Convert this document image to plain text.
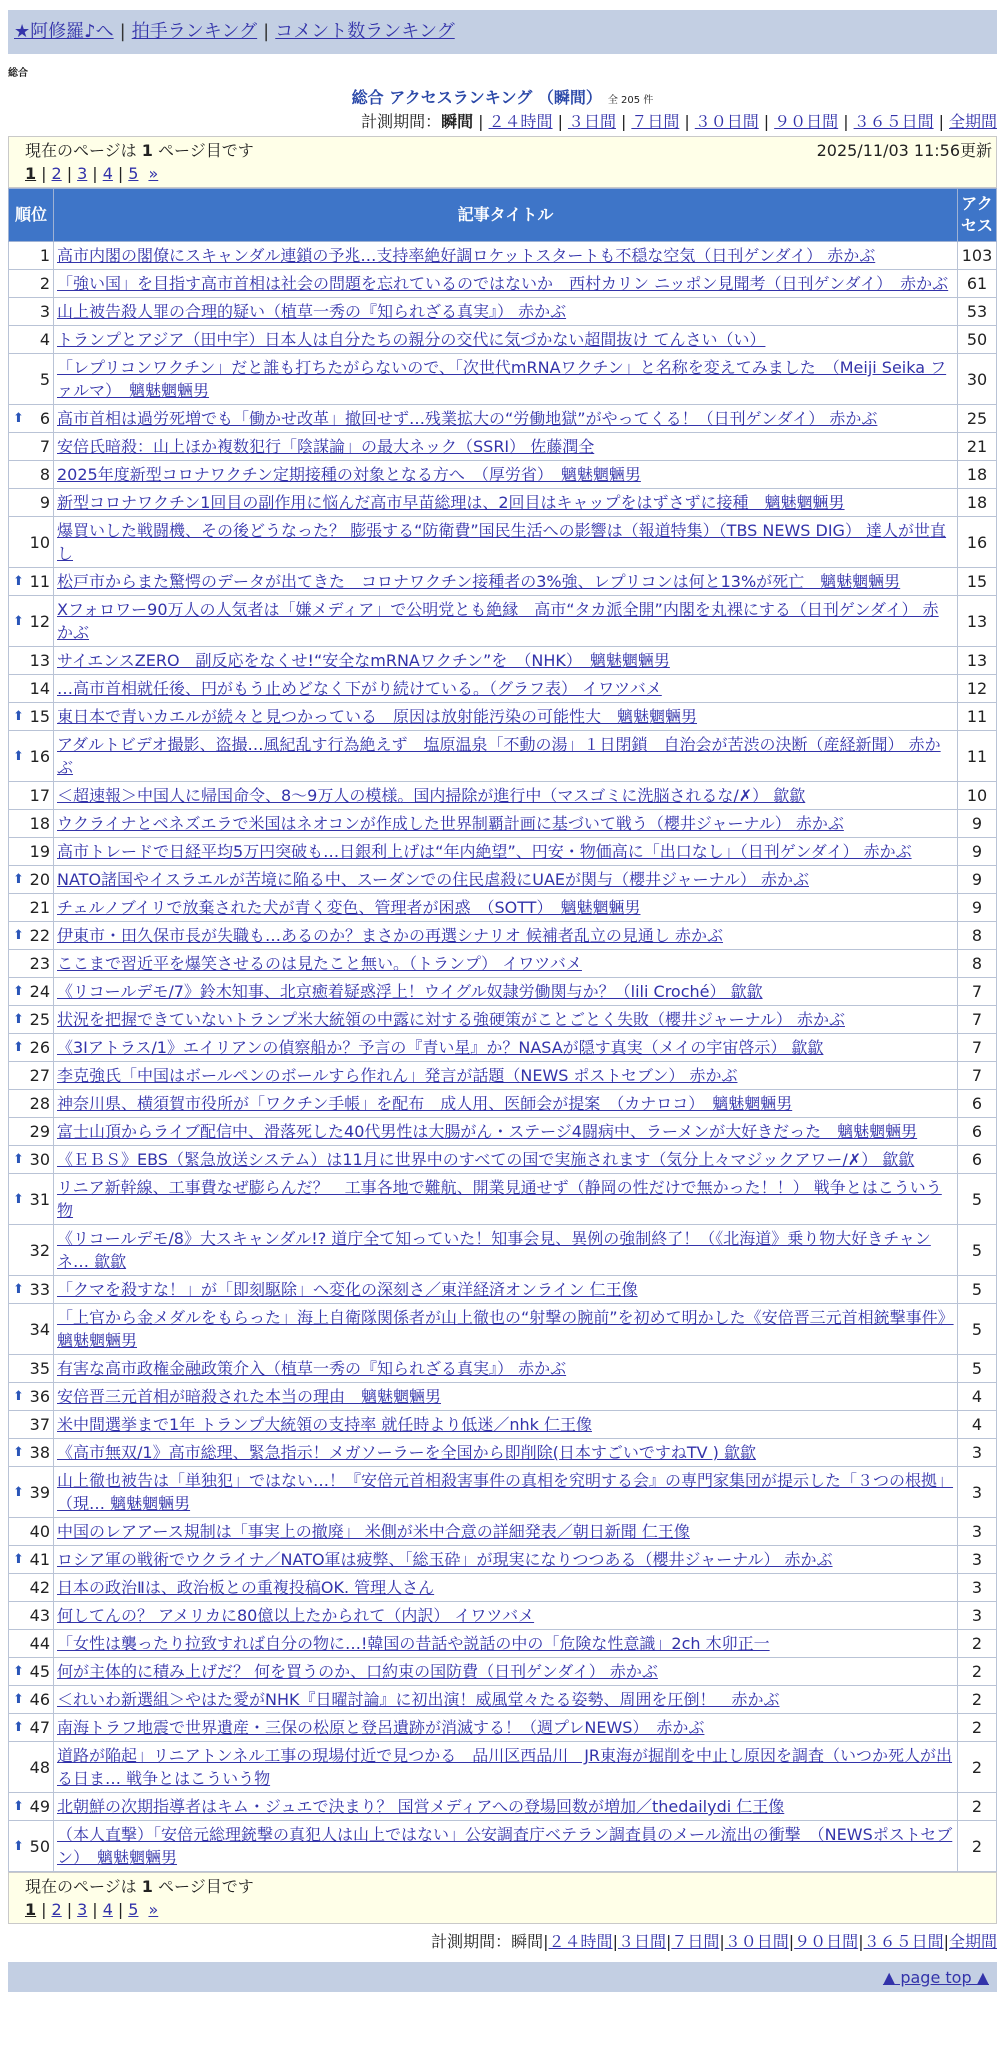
★阿修羅♪へ | 拍手ランキング | コメント数ランキング
総合
総合 アクセスランキング （瞬間） 全 205 件
計測期間：瞬間 | ２４時間 | ３日間 | ７日間 | ３０日間 | ９０日間 | ３６５日間 | 全期間
現在のページは 1 ページ目です	2025/11/03 11:56更新
1 | 2 | 3 | 4 | 5 »
順位	記事タイトル	アクセス
1	高市内閣の閣僚にスキャンダル連鎖の予兆…支持率絶好調ロケットスタートも不穏な空気（日刊ゲンダイ） 赤かぶ	103
2	「強い国」を目指す高市首相は社会の問題を忘れているのではないか　西村カリン ニッポン見聞考（日刊ゲンダイ）　赤かぶ	61
3	山上被告殺人罪の合理的疑い（植草一秀の『知られざる真実』） 赤かぶ	53
4	トランプとアジア（田中宇）日本人は自分たちの親分の交代に気づかない超間抜け てんさい（い）	50
5	「レプリコンワクチン」だと誰も打ちたがらないので、「次世代mRNAワクチン」と名称を変えてみました　（Meiji Seika ファルマ）　魑魅魍魎男	30

⬆ 6	高市首相は過労死増でも「働かせ改革」撤回せず…残業拡大の“労働地獄”がやってくる！（日刊ゲンダイ） 赤かぶ	25
7	安倍氏暗殺：山上ほか複数犯行「陰謀論」の最大ネック（SSRI） 佐藤潤全	21
8	2025年度新型コロナワクチン定期接種の対象となる方へ　（厚労省）　魑魅魍魎男	18
9	新型コロナワクチン1回目の副作用に悩んだ高市早苗総理は、2回目はキャップをはずさずに接種　魑魅魍魎男	18
10	爆買いした戦闘機、その後どうなった？ 膨張する“防衛費”国民生活への影響は（報道特集）（TBS NEWS DIG） 達人が世直し	16

⬆ 11	松戸市からまた驚愕のデータが出てきた　コロナワクチン接種者の3%強、レプリコンは何と13%が死亡　魑魅魍魎男	15

⬆ 12	Xフォロワー90万人の人気者は「嫌メディア」で公明党とも絶縁　高市“タカ派全開”内閣を丸裸にする（日刊ゲンダイ） 赤かぶ	13
13	サイエンスZERO　副反応をなくせ!“安全なmRNAワクチン”を　（NHK）　魑魅魍魎男	13
14	…高市首相就任後、円がもう止めどなく下がり続けている。（グラフ表） イワツバメ	12

⬆ 15	東日本で青いカエルが続々と見つかっている　原因は放射能汚染の可能性大　魑魅魍魎男	11

⬆ 16	アダルトビデオ撮影、盗撮…風紀乱す行為絶えず　塩原温泉「不動の湯」１日閉鎖　自治会が苦渋の決断（産経新聞） 赤かぶ	11
17	＜超速報＞中国人に帰国命令、8～9万人の模様。国内掃除が進行中（マスゴミに洗脳されるな/✗） 歙歙	10
18	ウクライナとベネズエラで米国はネオコンが作成した世界制覇計画に基づいて戦う（櫻井ジャーナル） 赤かぶ	9
19	高市トレードで日経平均5万円突破も…日銀利上げは“年内絶望”、円安・物価高に「出口なし」（日刊ゲンダイ） 赤かぶ	9

⬆ 20	NATO諸国やイスラエルが苦境に陥る中、スーダンでの住民虐殺にUAEが関与（櫻井ジャーナル） 赤かぶ	9
21	チェルノブイリで放棄された犬が青く変色、管理者が困惑　（SOTT）　魑魅魍魎男	9

⬆ 22	伊東市・田久保市長が失職も…あるのか？まさかの再選シナリオ 候補者乱立の見通し 赤かぶ	8
23	ここまで習近平を爆笑させるのは見たこと無い。（トランプ） イワツバメ	8

⬆ 24	《リコールデモ/7》鈴木知事、北京癒着疑惑浮上！ウイグル奴隷労働関与か？（lili Croché） 歙歙	7

⬆ 25	状況を把握できていないトランプ米大統領の中露に対する強硬策がことごとく失敗（櫻井ジャーナル） 赤かぶ	7

⬆ 26	《3Iアトラス/1》エイリアンの偵察船か？予言の『青い星』か？NASAが隠す真実（メイの宇宙啓示） 歙歙	7
27	李克強氏「中国はボールペンのボールすら作れん」発言が話題（NEWS ポストセブン） 赤かぶ	7
28	神奈川県、横須賀市役所が「ワクチン手帳」を配布　成人用、医師会が提案　（カナロコ）　魑魅魍魎男	6
29	富士山頂からライブ配信中、滑落死した40代男性は大腸がん・ステージ4闘病中、ラーメンが大好きだった　魑魅魍魎男	6

⬆ 30	《ＥＢＳ》EBS（緊急放送システム）は11月に世界中のすべての国で実施されます（気分上々マジックアワー/✗） 歙歙	6

⬆ 31	リニア新幹線、工事費なぜ膨らんだ？　工事各地で難航、開業見通せず（静岡の性だけで無かった！！） 戦争とはこういう物	5
32	《リコールデモ/8》大スキャンダル!? 道庁全て知っていた！知事会見、異例の強制終了！（《北海道》乗り物大好きチャンネ… 歙歙	5

⬆ 33	「クマを殺すな！」が「即刻駆除」へ変化の深刻さ／東洋経済オンライン 仁王像	5
34	「上官から金メダルをもらった」海上自衛隊関係者が山上徹也の“射撃の腕前”を初めて明かした《安倍晋三元首相銃撃事件》魑魅魍魎男	5
35	有害な高市政権金融政策介入（植草一秀の『知られざる真実』） 赤かぶ	5

⬆ 36	安倍晋三元首相が暗殺された本当の理由　魑魅魍魎男	4
37	米中間選挙まで1年 トランプ大統領の支持率 就任時より低迷／nhk 仁王像	4

⬆ 38	《高市無双/1》高市総理、緊急指示！メガソーラーを全国から即削除(日本すごいですねTV ) 歙歙	3

⬆ 39	山上徹也被告は「単独犯」ではない…！『安倍元首相殺害事件の真相を究明する会』の専門家集団が提示した「３つの根拠」（現… 魑魅魍魎男	3
40	中国のレアアース規制は「事実上の撤廃」 米側が米中合意の詳細発表／朝日新聞 仁王像	3

⬆ 41	ロシア軍の戦術でウクライナ／NATO軍は疲弊、「総玉砕」が現実になりつつある（櫻井ジャーナル） 赤かぶ	3
42	日本の政治Ⅱは、政治板との重複投稿OK. 管理人さん	3
43	何してんの？ アメリカに80億以上たかられて（内訳） イワツバメ	3
44	「女性は襲ったり拉致すれば自分の物に…!韓国の昔話や説話の中の「危険な性意識」2ch 木卯正一	2

⬆ 45	何が主体的に積み上げだ？ 何を買うのか、口約束の国防費（日刊ゲンダイ） 赤かぶ	2

⬆ 46	＜れいわ新選組＞やはた愛がNHK『日曜討論』に初出演！威風堂々たる姿勢、周囲を圧倒！　赤かぶ	2

⬆ 47	南海トラフ地震で世界遺産・三保の松原と登呂遺跡が消滅する！（週プレNEWS）　赤かぶ	2
48	道路が陥起」リニアトンネル工事の現場付近で見つかる　品川区西品川　JR東海が掘削を中止し原因を調査（いつか死人が出る日ま… 戦争とはこういう物	2

⬆ 49	北朝鮮の次期指導者はキム・ジュエで決まり？ 国営メディアへの登場回数が増加／thedailydi 仁王像	2

⬆ 50	（本人直撃）「安倍元総理銃撃の真犯人は山上ではない」公安調査庁ベテラン調査員のメール流出の衝撃　（NEWSポストセブン）　魑魅魍魎男	2
現在のページは 1 ページ目です
1 | 2 | 3 | 4 | 5 »
計測期間：瞬間|２４時間|３日間|７日間|３０日間|９０日間|３６５日間|全期間
▲ page top ▲
